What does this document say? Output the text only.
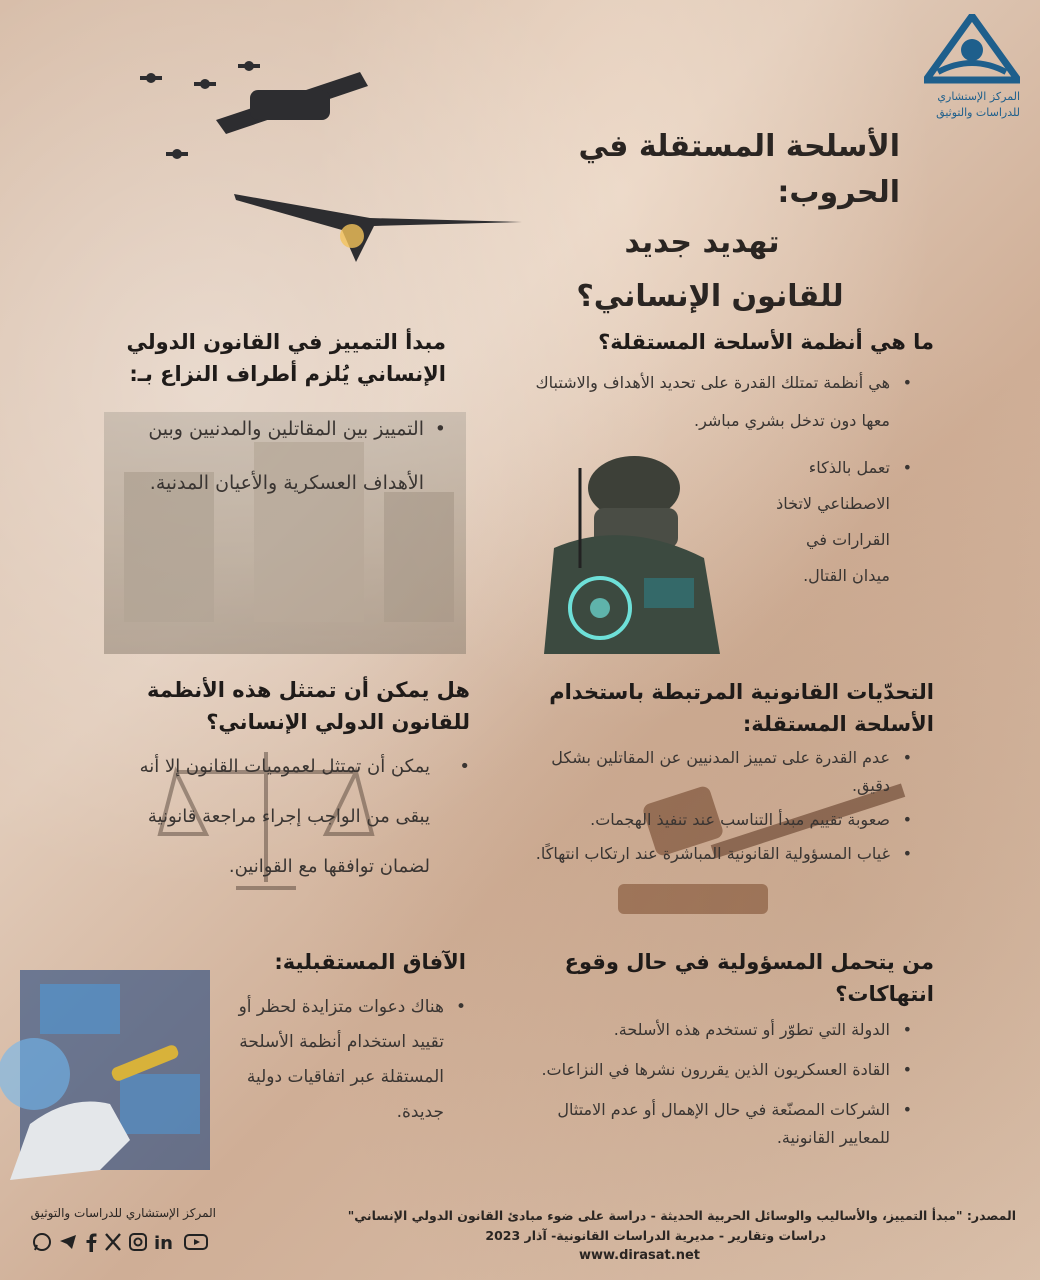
المركز الإستشاري
للدراسات والتوثيق
الأسلحة المستقلة في الحروب:
تهديد جديد
للقانون الإنساني؟
ما هي أنظمة الأسلحة المستقلة؟
• هي أنظمة تمتلك القدرة على تحديد الأهداف والاشتباك معها دون تدخل بشري مباشر.
• تعمل بالذكاء الاصطناعي لاتخاذ القرارات في ميدان القتال.
مبدأ التمييز في القانون الدولي الإنساني يُلزم أطراف النزاع بـ:
• التمييز بين المقاتلين والمدنيين وبين الأهداف العسكرية والأعيان المدنية.
هل يمكن أن تمتثل هذه الأنظمة للقانون الدولي الإنساني؟
• يمكن أن تمتثل لعموميات القانون إلا أنه يبقى من الواجب إجراء مراجعة قانونية لضمان توافقها مع القوانين.
التحدّيات القانونية المرتبطة باستخدام الأسلحة المستقلة:
• عدم القدرة على تمييز المدنيين عن المقاتلين بشكل دقيق.
• صعوبة تقييم مبدأ التناسب عند تنفيذ الهجمات.
• غياب المسؤولية القانونية المباشرة عند ارتكاب انتهاكًا.
من يتحمل المسؤولية في حال وقوع انتهاكات؟
• الدولة التي تطوّر أو تستخدم هذه الأسلحة.
• القادة العسكريون الذين يقررون نشرها في النزاعات.
• الشركات المصنّعة في حال الإهمال أو عدم الامتثال للمعايير القانونية.
الآفاق المستقبلية:
• هناك دعوات متزايدة لحظر أو تقييد استخدام أنظمة الأسلحة المستقلة عبر اتفاقيات دولية جديدة.
المصدر: "مبدأ التمييز، والأساليب والوسائل الحربية الحديثة - دراسة على ضوء مبادئ القانون الدولي الإنساني"
دراسات وتقارير - مديرية الدراسات القانونية- آذار 2023
www.dirasat.net
المركز الإستشاري للدراسات والتوثيق
in
